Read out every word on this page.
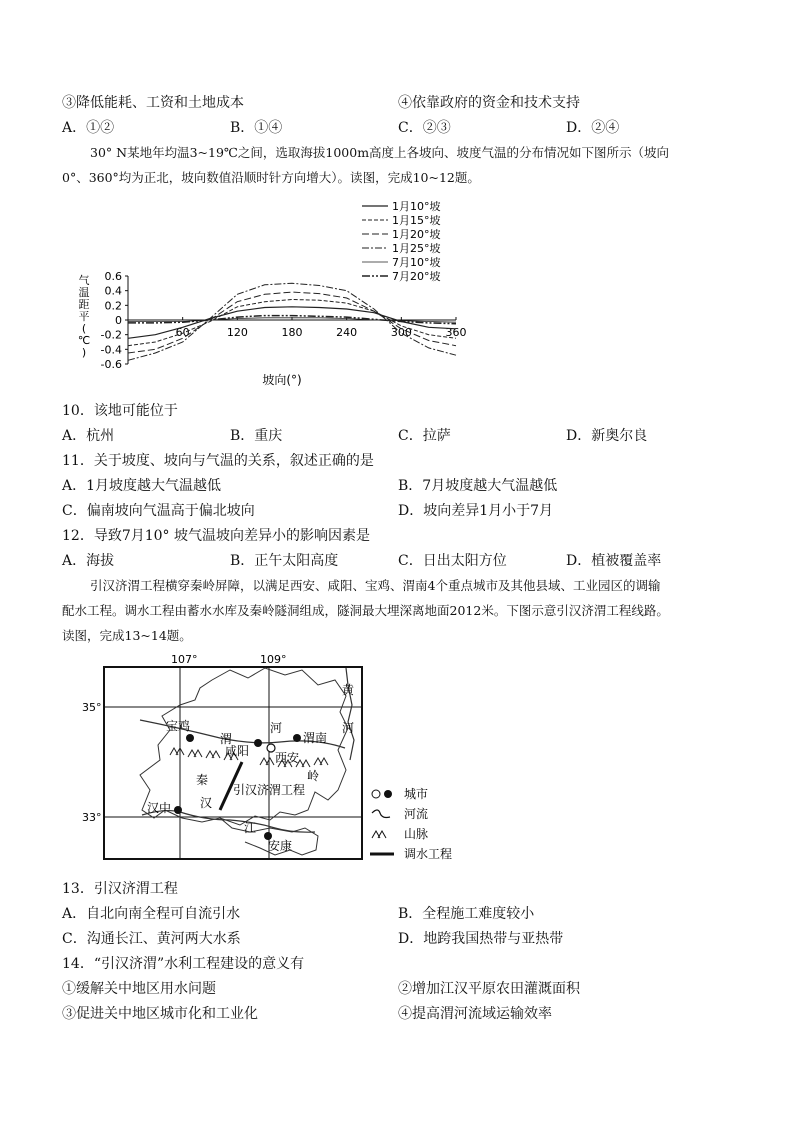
③降低能耗、工资和土地成本	④依靠政府的资金和技术支持
A．①②	B．①④	C．②③	D．②④
30° N某地年均温3~19℃之间，选取海拔1000m高度上各坡向、坡度气温的分布情况如下图所示（坡向
0°、360°均为正北，坡向数值沿顺时针方向增大）。读图，完成10~12题。
气
温
距
平
(
℃
)
0.6
0.4
0.2
0
-0.2
-0.4
-0.6
60	120	180	240	300	360
坡向(°)
1月10°坡
1月15°坡
1月20°坡
1月25°坡
7月10°坡
7月20°坡
10．该地可能位于
A．杭州	B．重庆	C．拉萨	D．新奥尔良
11．关于坡度、坡向与气温的关系，叙述正确的是
A．1月坡度越大气温越低	B．7月坡度越大气温越低
C．偏南坡向气温高于偏北坡向	D．坡向差异1月小于7月
12．导致7月10° 坡气温坡向差异小的影响因素是
A．海拔	B．正午太阳高度	C．日出太阳方位	D．植被覆盖率
引汉济渭工程横穿秦岭屏障，以满足西安、咸阳、宝鸡、渭南4个重点城市及其他县域、工业园区的调输
配水工程。调水工程由蓄水水库及秦岭隧洞组成，隧洞最大埋深离地面2012米。下图示意引汉济渭工程线路。
读图，完成13~14题。
107°	109°
35°
33°
宝鸡
渭
咸阳
河
渭南
西安
黄
河
秦	岭
引汉济渭工程
汉
汉中
江
安康
城市
河流
山脉
调水工程
13．引汉济渭工程
A．自北向南全程可自流引水	B．全程施工难度较小
C．沟通长江、黄河两大水系	D．地跨我国热带与亚热带
14．“引汉济渭”水利工程建设的意义有
①缓解关中地区用水问题	②增加江汉平原农田灌溉面积
③促进关中地区城市化和工业化	④提高渭河流域运输效率
